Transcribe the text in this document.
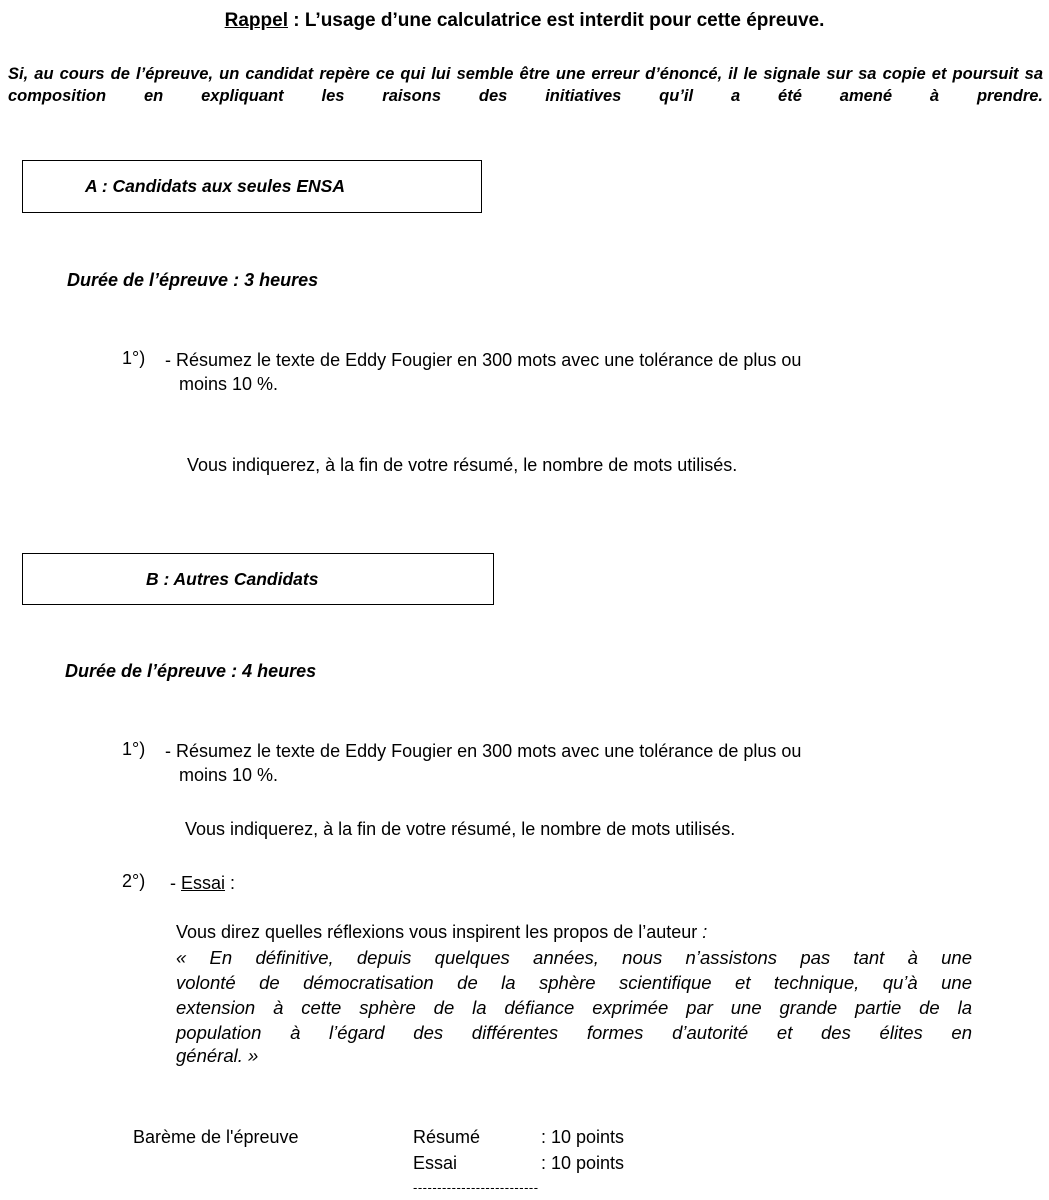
Rappel : L’usage d’une calculatrice est interdit pour cette épreuve.
Si, au cours de l’épreuve, un candidat repère ce qui lui semble être une erreur d’énoncé, il le signale sur sa copie et poursuit sa composition en expliquant les raisons des initiatives qu’il a été amené à prendre.
A : Candidats aux seules ENSA
Durée de l’épreuve : 3 heures
1°) - Résumez le texte de Eddy Fougier en 300 mots avec une tolérance de plus ou
moins 10 %.
Vous indiquerez, à la fin de votre résumé, le nombre de mots utilisés.
B : Autres Candidats
Durée de l’épreuve : 4 heures
1°) - Résumez le texte de Eddy Fougier en 300 mots avec une tolérance de plus ou
moins 10 %.
Vous indiquerez, à la fin de votre résumé, le nombre de mots utilisés.
2°) - Essai :
Vous direz quelles réflexions vous inspirent les propos de l’auteur :
« En définitive, depuis quelques années, nous n’assistons pas tant à une
volonté de démocratisation de la sphère scientifique et technique, qu’à une
extension à cette sphère de la défiance exprimée par une grande partie de la
population à l’égard des différentes formes d’autorité et des élites en
général. »
Barème de l'épreuve	Résumé	: 10 points
Essai	: 10 points
--------------------------
